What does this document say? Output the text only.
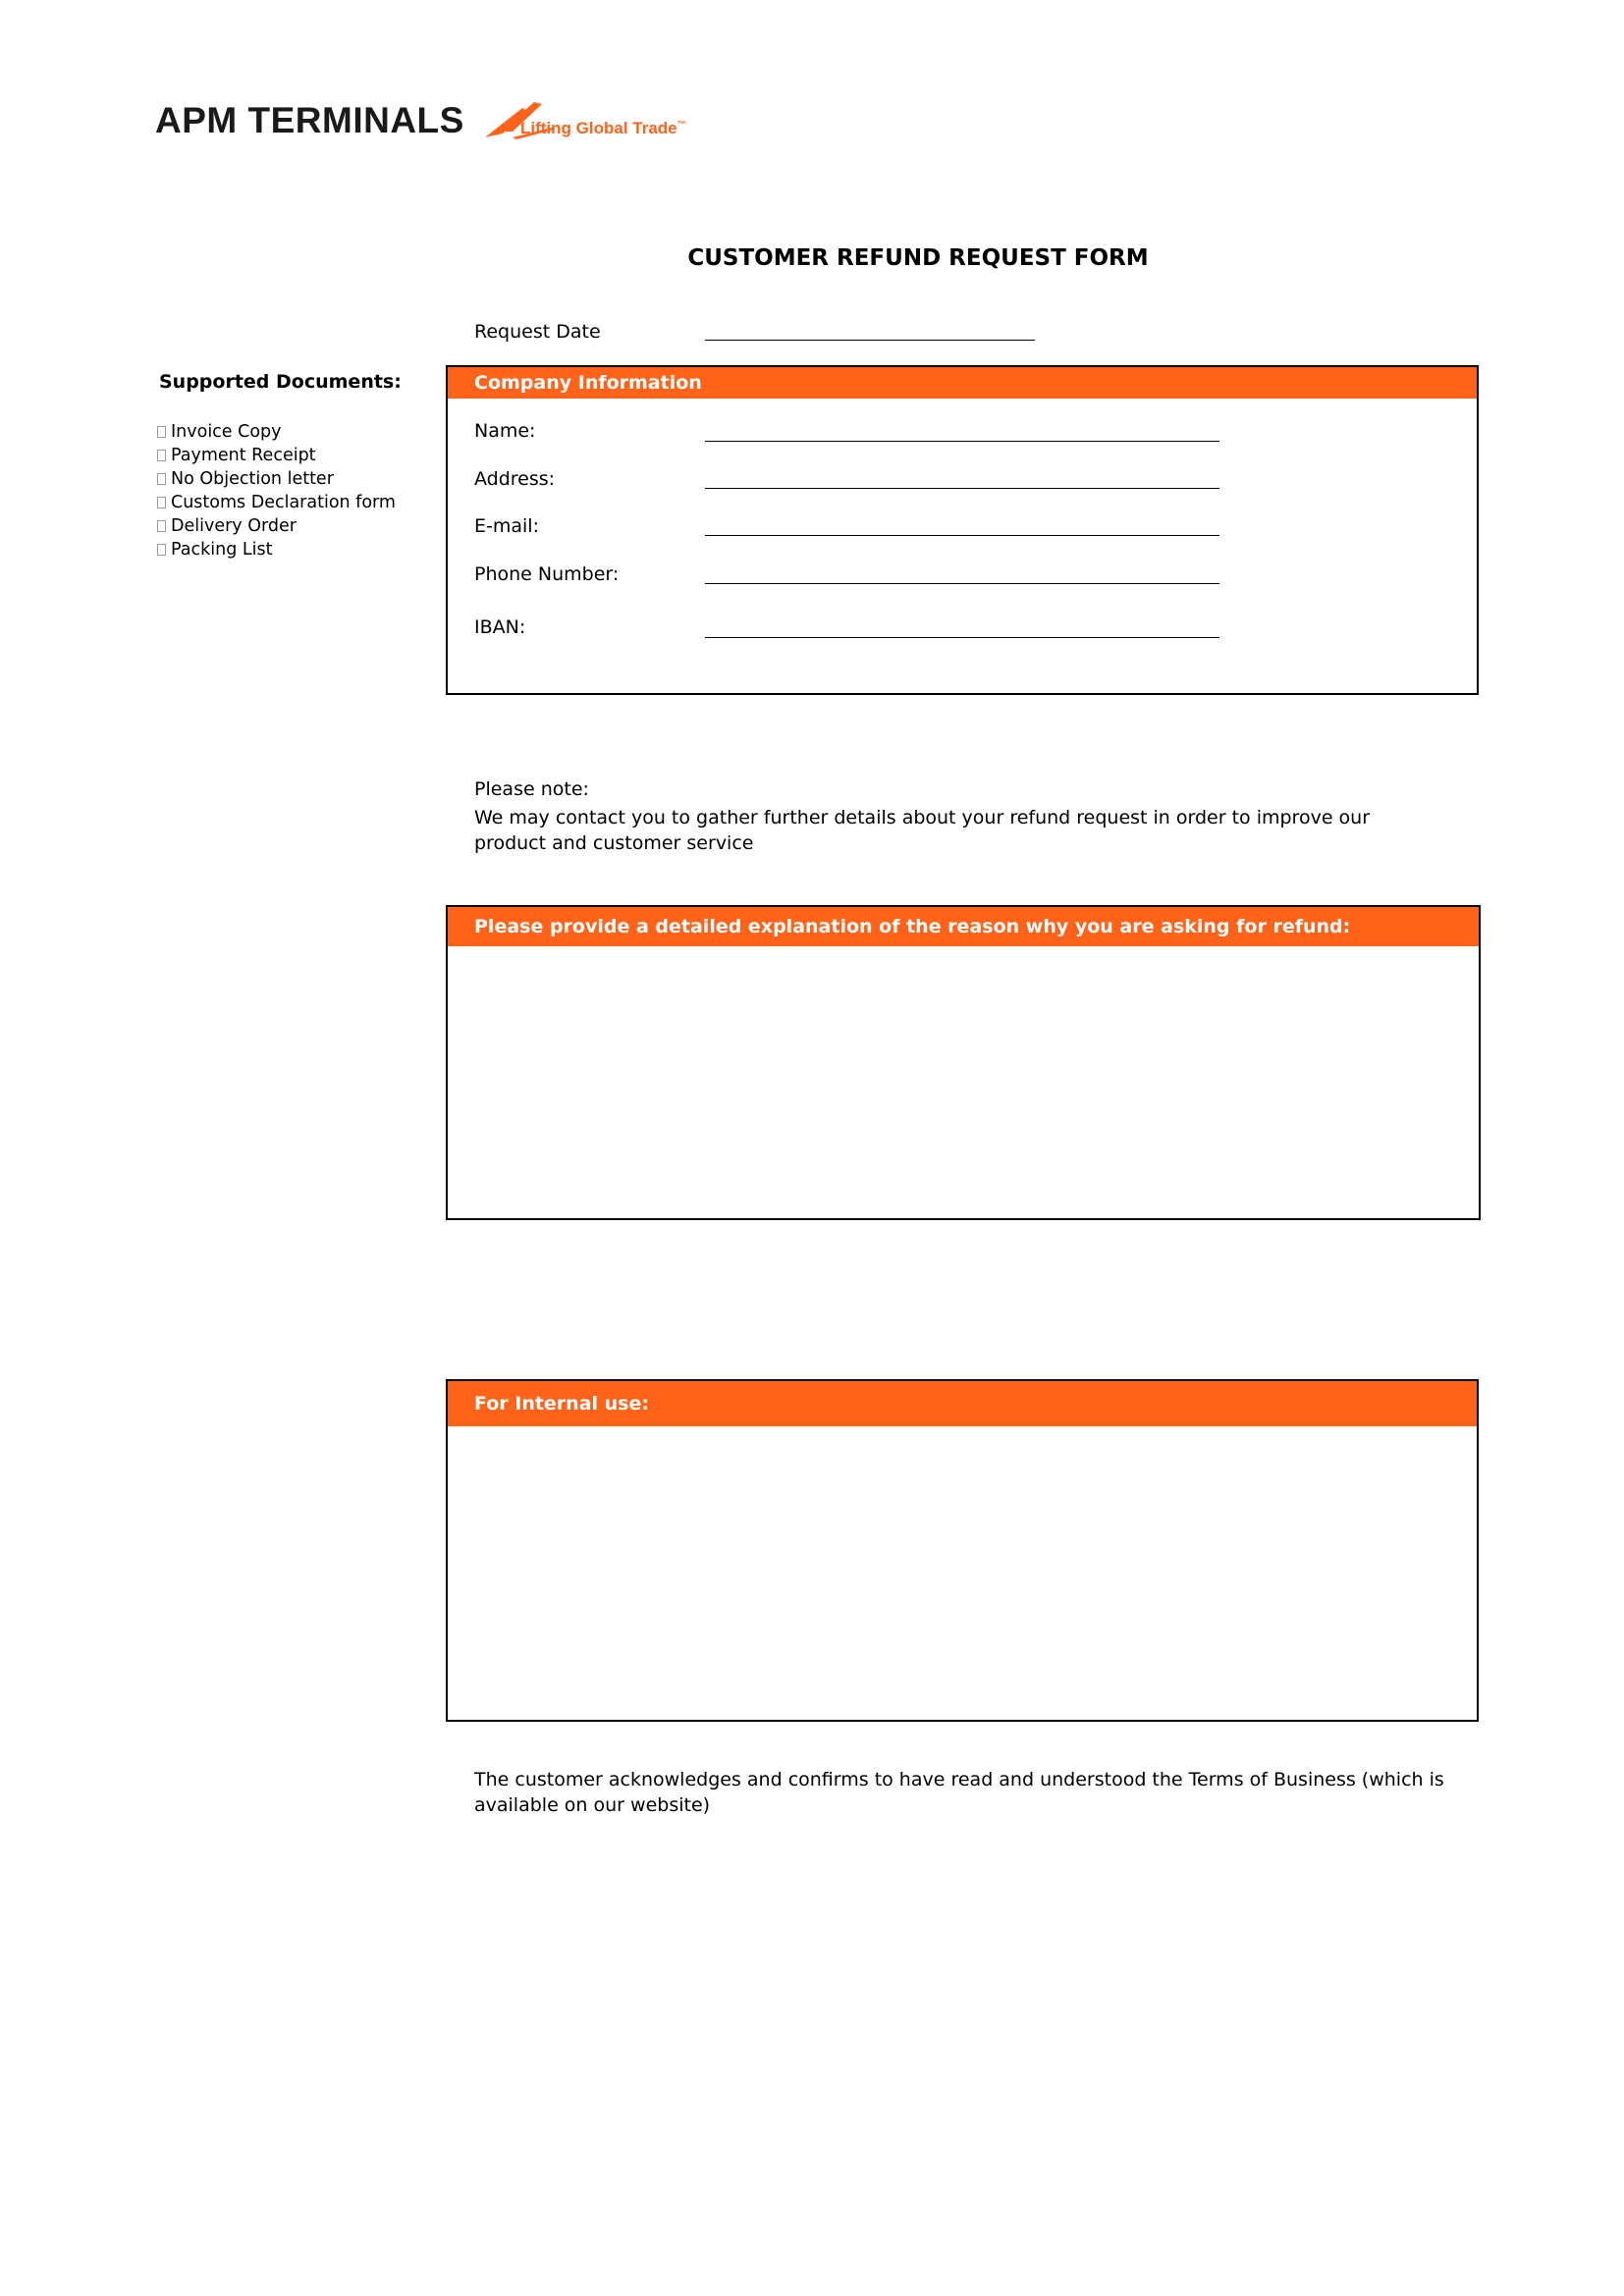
APM TERMINALS	Lifting Global Trade™
CUSTOMER REFUND REQUEST FORM
Request Date
Supported Documents:
Invoice Copy
Payment Receipt
No Objection letter
Customs Declaration form
Delivery Order
Packing List
Company Information
Name:
Address:
E-mail:
Phone Number:
IBAN:
Please note:
We may contact you to gather further details about your refund request in order to improve our product and customer service
Please provide a detailed explanation of the reason why you are asking for refund:
For Internal use:
The customer acknowledges and confirms to have read and understood the Terms of Business (which is available on our website)
